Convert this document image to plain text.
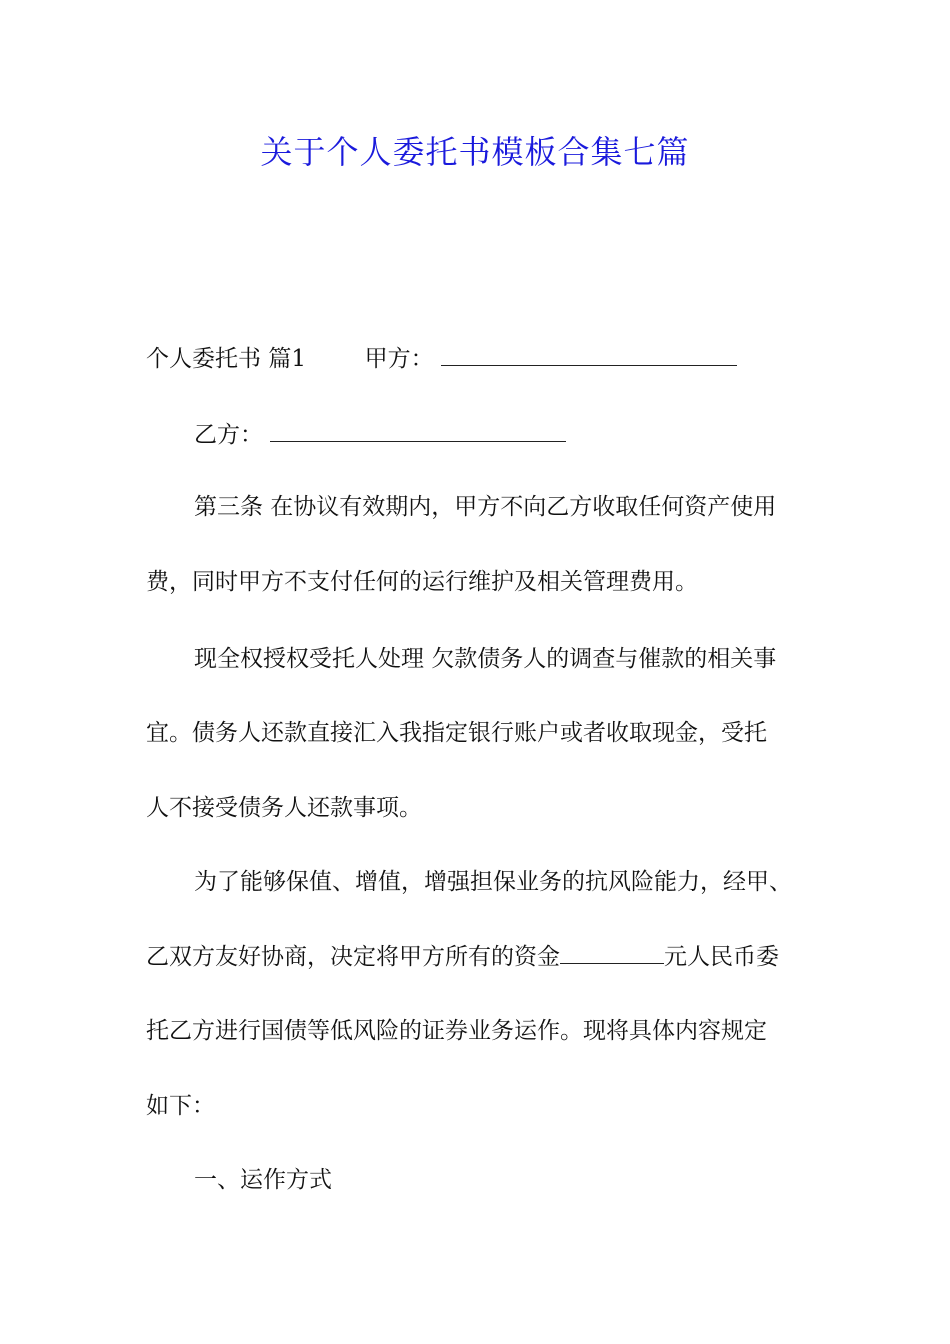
关于个人委托书模板合集七篇
个人委托书 篇1	甲方：
乙方：
第三条 在协议有效期内，甲方不向乙方收取任何资产使用
费，同时甲方不支付任何的运行维护及相关管理费用。
现全权授权受托人处理 欠款债务人的调查与催款的相关事
宜。债务人还款直接汇入我指定银行账户或者收取现金，受托
人不接受债务人还款事项。
为了能够保值、增值，增强担保业务的抗风险能力，经甲、
乙双方友好协商，决定将甲方所有的资金	元人民币委
托乙方进行国债等低风险的证券业务运作。现将具体内容规定
如下：
一、运作方式
